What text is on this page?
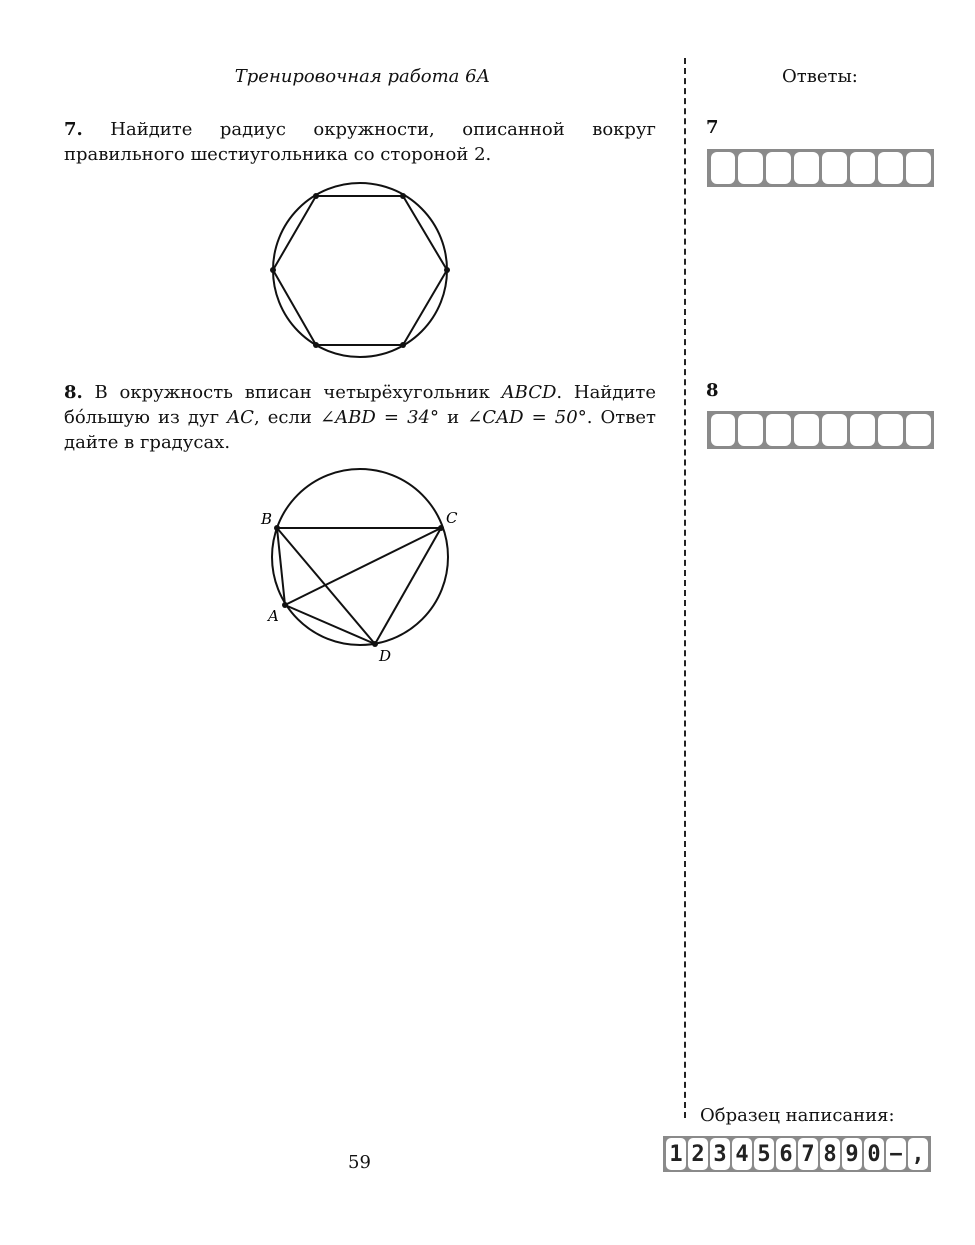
Тренировочная работа 6А	Ответы:
7. Найдите радиус окружности, описанной вокруг правильного шестиугольника со стороной 2.
8. В окружность вписан четырёхугольник ABCD. Найдите бо́льшую из дуг AC, если ∠ABD = 34° и ∠CAD = 50°. Ответ дайте в градусах.
B	C
A
D
7
8
Образец написания:
1 2 3 4 5 6 7 8 9 0 − ,
59
